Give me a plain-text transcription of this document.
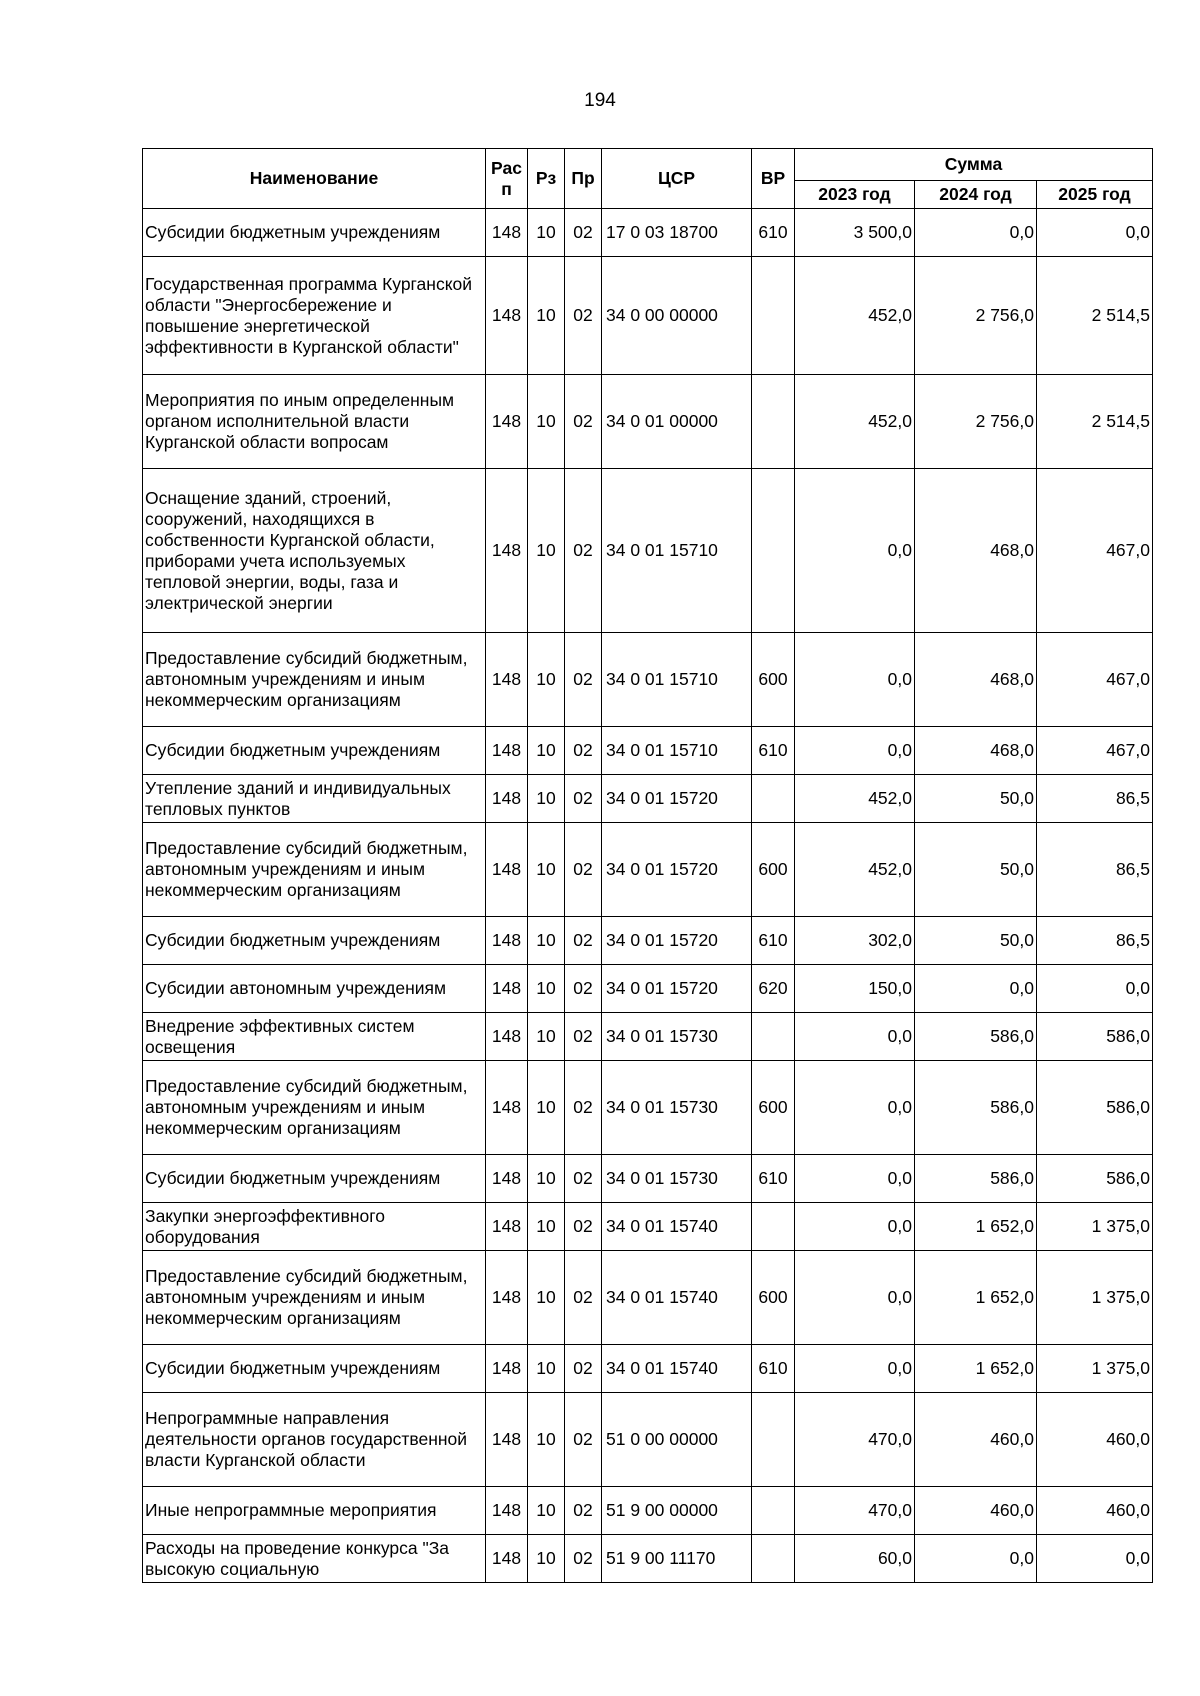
194
Наименование	Рас п	Рз	Пр	ЦСР	ВР	Сумма		
						2023 год	2024 год	2025 год
Субсидии бюджетным учреждениям	148	10	02	17 0 03 18700	610	3 500,0	0,0	0,0
Государственная программа Курганской области "Энергосбережение и повышение энергетической эффективности в Курганской области"	148	10	02	34 0 00 00000		452,0	2 756,0	2 514,5
Мероприятия по иным определенным органом исполнительной власти Курганской области вопросам	148	10	02	34 0 01 00000		452,0	2 756,0	2 514,5
Оснащение зданий, строений, сооружений, находящихся в собственности Курганской области, приборами учета используемых тепловой энергии, воды, газа и электрической энергии	148	10	02	34 0 01 15710		0,0	468,0	467,0
Предоставление субсидий бюджетным, автономным учреждениям и иным некоммерческим организациям	148	10	02	34 0 01 15710	600	0,0	468,0	467,0
Субсидии бюджетным учреждениям	148	10	02	34 0 01 15710	610	0,0	468,0	467,0
Утепление зданий и индивидуальных тепловых пунктов	148	10	02	34 0 01 15720		452,0	50,0	86,5
Предоставление субсидий бюджетным, автономным учреждениям и иным некоммерческим организациям	148	10	02	34 0 01 15720	600	452,0	50,0	86,5
Субсидии бюджетным учреждениям	148	10	02	34 0 01 15720	610	302,0	50,0	86,5
Субсидии автономным учреждениям	148	10	02	34 0 01 15720	620	150,0	0,0	0,0
Внедрение эффективных систем освещения	148	10	02	34 0 01 15730		0,0	586,0	586,0
Предоставление субсидий бюджетным, автономным учреждениям и иным некоммерческим организациям	148	10	02	34 0 01 15730	600	0,0	586,0	586,0
Субсидии бюджетным учреждениям	148	10	02	34 0 01 15730	610	0,0	586,0	586,0
Закупки энергоэффективного оборудования	148	10	02	34 0 01 15740		0,0	1 652,0	1 375,0
Предоставление субсидий бюджетным, автономным учреждениям и иным некоммерческим организациям	148	10	02	34 0 01 15740	600	0,0	1 652,0	1 375,0
Субсидии бюджетным учреждениям	148	10	02	34 0 01 15740	610	0,0	1 652,0	1 375,0
Непрограммные направления деятельности органов государственной власти Курганской области	148	10	02	51 0 00 00000		470,0	460,0	460,0
Иные непрограммные мероприятия	148	10	02	51 9 00 00000		470,0	460,0	460,0
Расходы на проведение конкурса "За высокую социальную	148	10	02	51 9 00 11170		60,0	0,0	0,0
